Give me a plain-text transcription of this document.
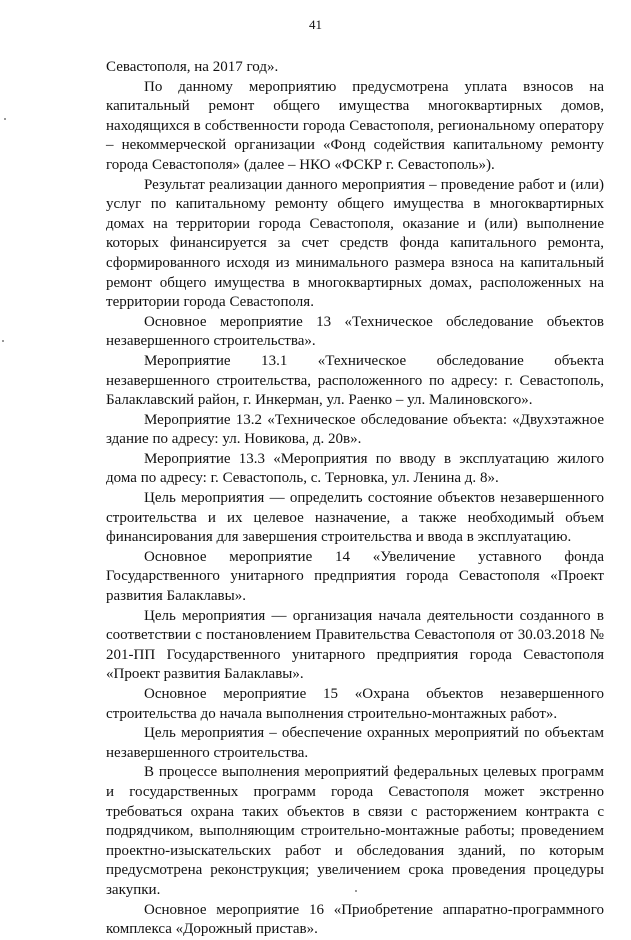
41

Севастополя, на 2017 год».

По данному мероприятию предусмотрена уплата взносов на капитальный ремонт общего имущества многоквартирных домов, находящихся в собственности города Севастополя, региональному оператору – некоммерческой организации «Фонд содействия капитальному ремонту города Севастополя» (далее – НКО «ФСКР г. Севастополь»).

Результат реализации данного мероприятия – проведение работ и (или) услуг по капитальному ремонту общего имущества в многоквартирных домах на территории города Севастополя, оказание и (или) выполнение которых финансируется за счет средств фонда капитального ремонта, сформированного исходя из минимального размера взноса на капитальный ремонт общего имущества в многоквартирных домах, расположенных на территории города Севастополя.

Основное мероприятие 13 «Техническое обследование объектов незавершенного строительства».

Мероприятие 13.1 «Техническое обследование объекта незавершенного строительства, расположенного по адресу: г. Севастополь, Балаклавский район, г. Инкерман, ул. Раенко – ул. Малиновского».

Мероприятие 13.2 «Техническое обследование объекта: «Двухэтажное здание по адресу: ул. Новикова, д. 20в».

Мероприятие 13.3 «Мероприятия по вводу в эксплуатацию жилого дома по адресу: г. Севастополь, с. Терновка, ул. Ленина д. 8».

Цель мероприятия — определить состояние объектов незавершенного строительства и их целевое назначение, а также необходимый объем финансирования для завершения строительства и ввода в эксплуатацию.

Основное мероприятие 14 «Увеличение уставного фонда Государственного унитарного предприятия города Севастополя «Проект развития Балаклавы».

Цель мероприятия — организация начала деятельности созданного в соответствии с постановлением Правительства Севастополя от 30.03.2018 № 201-ПП Государственного унитарного предприятия города Севастополя «Проект развития Балаклавы».

Основное мероприятие 15 «Охрана объектов незавершенного строительства до начала выполнения строительно-монтажных работ».

Цель мероприятия – обеспечение охранных мероприятий по объектам незавершенного строительства.

В процессе выполнения мероприятий федеральных целевых программ и государственных программ города Севастополя может экстренно требоваться охрана таких объектов в связи с расторжением контракта с подрядчиком, выполняющим строительно-монтажные работы; проведением проектно-изыскательских работ и обследования зданий, по которым предусмотрена реконструкция; увеличением срока проведения процедуры закупки.

Основное мероприятие 16 «Приобретение аппаратно-программного комплекса «Дорожный пристав».
